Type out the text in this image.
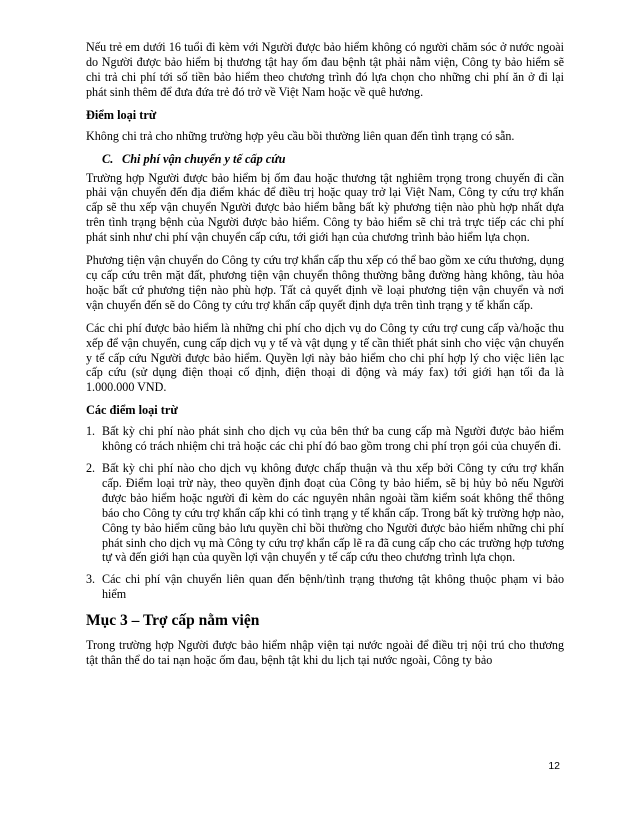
Nếu trẻ em dưới 16 tuổi đi kèm với Người được bảo hiểm không có người chăm sóc ở nước ngoài do Người được bảo hiểm bị thương tật hay ốm đau bệnh tật phải nằm viện, Công ty bảo hiểm sẽ chi trả chi phí tới số tiền bảo hiểm theo chương trình đó lựa chọn cho những chi phí ăn ở đi lại phát sinh thêm để đưa đứa trẻ đó trở về Việt Nam hoặc về quê hương.

Điểm loại trừ

Không chi trả cho những trường hợp yêu cầu bồi thường liên quan đến tình trạng có sẵn.

C. Chi phí vận chuyển y tế cấp cứu

Trường hợp Người được bảo hiểm bị ốm đau hoặc thương tật nghiêm trọng trong chuyến đi cần phải vận chuyển đến địa điểm khác để điều trị hoặc quay trở lại Việt Nam, Công ty cứu trợ khẩn cấp sẽ thu xếp vận chuyển Người được bảo hiểm bằng bất kỳ phương tiện nào phù hợp nhất dựa trên tình trạng bệnh của Người được bảo hiểm. Công ty bảo hiểm sẽ chi trả trực tiếp các chi phí phát sinh như chi phí vận chuyển cấp cứu, tới giới hạn của chương trình bảo hiểm lựa chọn.

Phương tiện vận chuyển do Công ty cứu trợ khẩn cấp thu xếp có thể bao gồm xe cứu thương, dụng cụ cấp cứu trên mặt đất, phương tiện vận chuyển thông thường bằng đường hàng không, tàu hỏa hoặc bất cứ phương tiện nào phù hợp. Tất cả quyết định về loại phương tiện vận chuyển và nơi vận chuyển đến sẽ do Công ty cứu trợ khẩn cấp quyết định dựa trên tình trạng y tế khẩn cấp.

Các chi phí được bảo hiểm là những chi phí cho dịch vụ do Công ty cứu trợ cung cấp và/hoặc thu xếp để vận chuyển, cung cấp dịch vụ y tế và vật dụng y tế cần thiết phát sinh cho việc vận chuyển y tế cấp cứu Người được bảo hiểm. Quyền lợi này bảo hiểm cho chi phí hợp lý cho việc liên lạc cấp cứu (sử dụng điện thoại cố định, điện thoại di động và máy fax) tới giới hạn tối đa là 1.000.000 VND.

Các điểm loại trừ
1. Bất kỳ chi phí nào phát sinh cho dịch vụ của bên thứ ba cung cấp mà Người được bảo hiểm không có trách nhiệm chi trả hoặc các chi phí đó bao gồm trong chi phí trọn gói của chuyến đi.
2. Bất kỳ chi phí nào cho dịch vụ không được chấp thuận và thu xếp bởi Công ty cứu trợ khẩn cấp. Điểm loại trừ này, theo quyền định đoạt của Công ty bảo hiểm, sẽ bị hủy bỏ nếu Người được bảo hiểm hoặc người đi kèm do các nguyên nhân ngoài tầm kiểm soát không thể thông báo cho Công ty cứu trợ khẩn cấp khi có tình trạng y tế khẩn cấp. Trong bất kỳ trường hợp nào, Công ty bảo hiểm cũng bảo lưu quyền chỉ bồi thường cho Người được bảo hiểm những chi phí phát sinh cho dịch vụ mà Công ty cứu trợ khẩn cấp lẽ ra đã cung cấp cho các trường hợp tương tự và đến giới hạn của quyền lợi vận chuyển y tế cấp cứu theo chương trình lựa chọn.
3. Các chi phí vận chuyển liên quan đến bệnh/tình trạng thương tật không thuộc phạm vi bảo hiểm
Mục 3 – Trợ cấp nằm viện

Trong trường hợp Người được bảo hiểm nhập viện tại nước ngoài để điều trị nội trú cho thương tật thân thể do tai nạn hoặc ốm đau, bệnh tật khi du lịch tại nước ngoài, Công ty bảo

12
